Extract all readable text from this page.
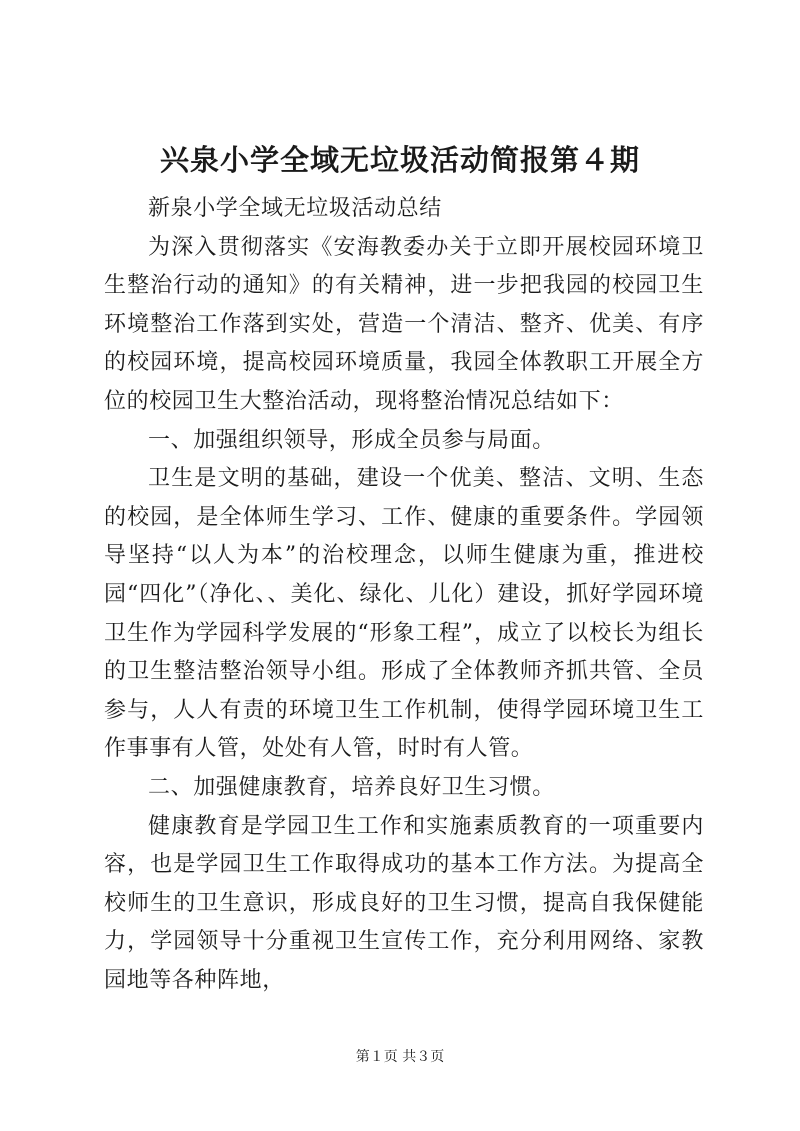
兴泉小学全域无垃圾活动简报第４期

新泉小学全域无垃圾活动总结

为深入贯彻落实《安海教委办关于立即开展校园环境卫生整治行动的通知》的有关精神，进一步把我园的校园卫生环境整治工作落到实处，营造一个清洁、整齐、优美、有序的校园环境，提高校园环境质量，我园全体教职工开展全方位的校园卫生大整治活动，现将整治情况总结如下：

一、加强组织领导，形成全员参与局面。

卫生是文明的基础，建设一个优美、整洁、文明、生态的校园，是全体师生学习、工作、健康的重要条件。学园领导坚持“以人为本”的治校理念，以师生健康为重，推进校园“四化”（净化、、美化、绿化、儿化）建设，抓好学园环境卫生作为学园科学发展的“形象工程”，成立了以校长为组长的卫生整洁整治领导小组。形成了全体教师齐抓共管、全员参与，人人有责的环境卫生工作机制，使得学园环境卫生工作事事有人管，处处有人管，时时有人管。

二、加强健康教育，培养良好卫生习惯。

健康教育是学园卫生工作和实施素质教育的一项重要内容，也是学园卫生工作取得成功的基本工作方法。为提高全校师生的卫生意识，形成良好的卫生习惯，提高自我保健能力，学园领导十分重视卫生宣传工作，充分利用网络、家教园地等各种阵地，

第１页 共３页
